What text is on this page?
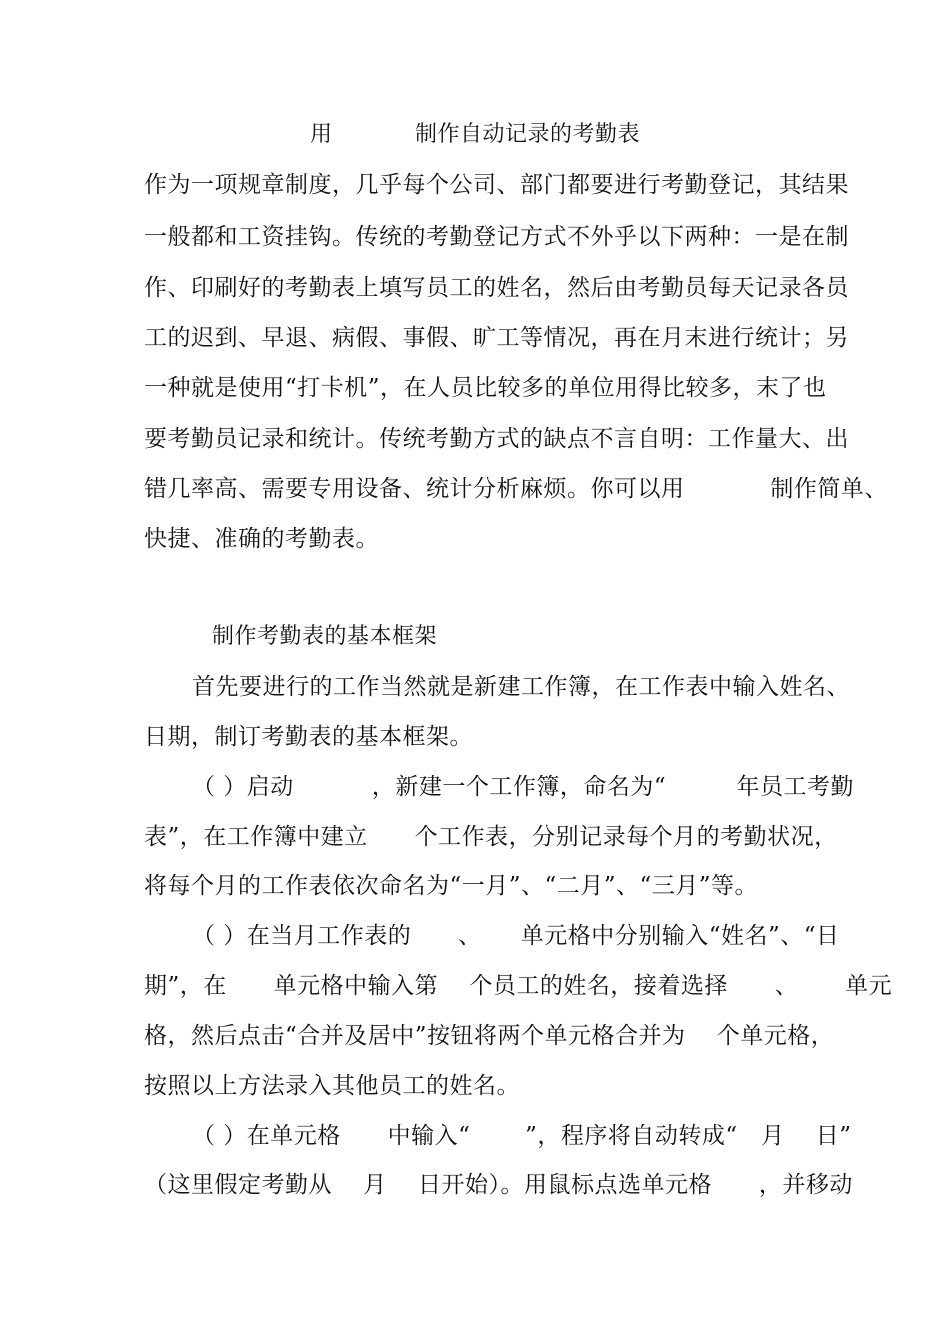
用           制作自动记录的考勤表
作为一项规章制度，几乎每个公司、部门都要进行考勤登记，其结果
一般都和工资挂钩。传统的考勤登记方式不外乎以下两种：一是在制
作、印刷好的考勤表上填写员工的姓名，然后由考勤员每天记录各员
工的迟到、早退、病假、事假、旷工等情况，再在月末进行统计；另
一种就是使用“打卡机”，在人员比较多的单位用得比较多，末了也
要考勤员记录和统计。传统考勤方式的缺点不言自明：工作量大、出
错几率高、需要专用设备、统计分析麻烦。你可以用           制作简单、
快捷、准确的考勤表。
制作考勤表的基本框架
首先要进行的工作当然就是新建工作簿，在工作表中输入姓名、
日期，制订考勤表的基本框架。
（ ）启动          ，新建一个工作簿，命名为“         年员工考勤
表”，在工作簿中建立      个工作表，分别记录每个月的考勤状况，
将每个月的工作表依次命名为“一月”、“二月”、“三月”等。
（ ）在当月工作表的      、     单元格中分别输入“姓名”、“日
期”，在      单元格中输入第    个员工的姓名，接着选择      、      单元
格，然后点击“合并及居中”按钮将两个单元格合并为    个单元格，
按照以上方法录入其他员工的姓名。
（ ）在单元格      中输入“       ”，程序将自动转成“   月    日”
（这里假定考勤从    月    日开始）。用鼠标点选单元格      ，并移动
